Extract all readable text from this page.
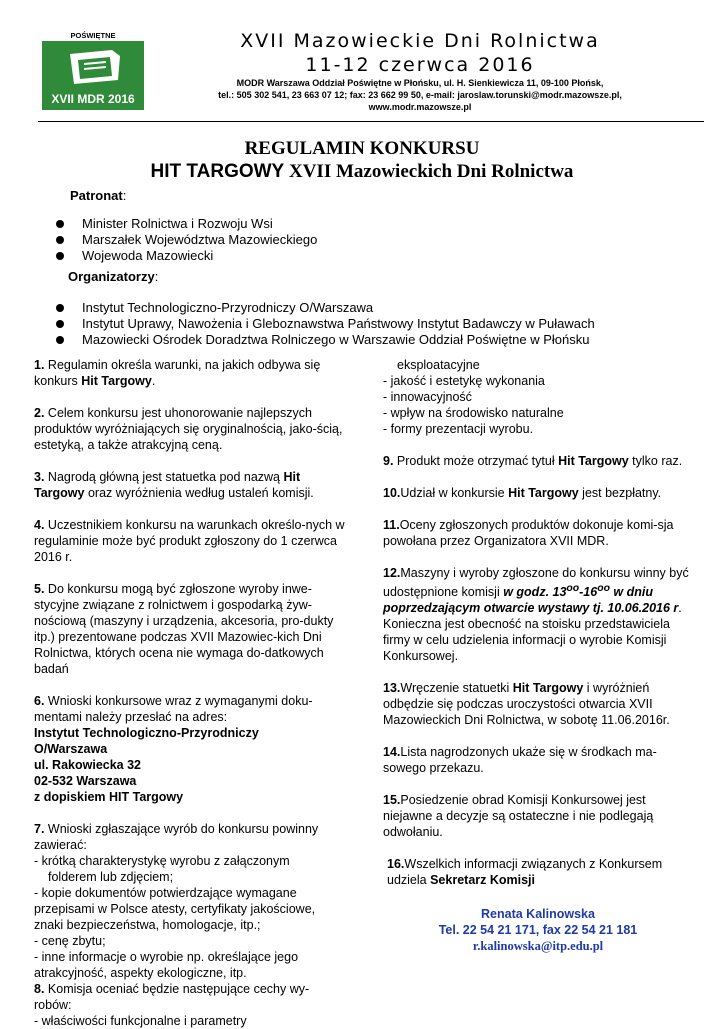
POŚWIĘTNE
XVII MDR 2016
XVII Mazowieckie Dni Rolnictwa
11-12 czerwca 2016
MODR Warszawa Oddział Poświętne w Płońsku, ul. H. Sienkiewicza 11, 09-100 Płońsk,
tel.: 505 302 541, 23 663 07 12; fax: 23 662 99 50, e-mail: jaroslaw.torunski@modr.mazowsze.pl,
www.modr.mazowsze.pl
REGULAMIN KONKURSU
HIT TARGOWY XVII Mazowieckich Dni Rolnictwa
Patronat:
Minister Rolnictwa i Rozwoju Wsi
Marszałek Województwa Mazowieckiego
Wojewoda Mazowiecki
Organizatorzy:
Instytut Technologiczno-Przyrodniczy O/Warszawa
Instytut Uprawy, Nawożenia i Gleboznawstwa Państwowy Instytut Badawczy w Puławach
Mazowiecki Ośrodek Doradztwa Rolniczego w Warszawie Oddział Poświętne w Płońsku

1. Regulamin określa warunki, na jakich odbywa się konkurs Hit Targowy.

2. Celem konkursu jest uhonorowanie najlepszych produktów wyróżniających się oryginalnością, jako-ścią, estetyką, a także atrakcyjną ceną.

3. Nagrodą główną jest statuetka pod nazwą Hit Targowy oraz wyróżnienia według ustaleń komisji.

4. Uczestnikiem konkursu na warunkach określo-nych w regulaminie może być produkt zgłoszony do 1 czerwca 2016 r.

5. Do konkursu mogą być zgłoszone wyroby inwe-stycyjne związane z rolnictwem i gospodarką żyw-nościową (maszyny i urządzenia, akcesoria, pro-dukty itp.) prezentowane podczas XVII Mazowiec-kich Dni Rolnictwa, których ocena nie wymaga do-datkowych badań

6. Wnioski konkursowe wraz z wymaganymi doku-mentami należy przesłać na adres:
Instytut Technologiczno-Przyrodniczy
O/Warszawa
ul. Rakowiecka 32
02-532 Warszawa
z dopiskiem HIT Targowy

7. Wnioski zgłaszające wyrób do konkursu powinny zawierać:
- krótką charakterystykę wyrobu z załączonym
folderem lub zdjęciem;
- kopie dokumentów potwierdzające wymagane przepisami w Polsce atesty, certyfikaty jakościowe, znaki bezpieczeństwa, homologacje, itp.;
- cenę zbytu;
- inne informacje o wyrobie np. określające jego atrakcyjność, aspekty ekologiczne, itp.

8. Komisja oceniać będzie następujące cechy wy-robów:
- właściwości funkcjonalne i parametry

eksploatacyjne
- jakość i estetykę wykonania
- innowacyjność
- wpływ na środowisko naturalne
- formy prezentacji wyrobu.

9. Produkt może otrzymać tytuł Hit Targowy tylko raz.

10.Udział w konkursie Hit Targowy jest bezpłatny.

11.Oceny zgłoszonych produktów dokonuje komi-sja powołana przez Organizatora XVII MDR.

12.Maszyny i wyroby zgłoszone do konkursu winny być udostępnione komisji w godz. $13^{oo}-16^{oo}$ w dniu poprzedzającym otwarcie wystawy tj. 10.06.2016 r. Konieczna jest obecność na stoisku przedstawiciela firmy w celu udzielenia informacji o wyrobie Komisji Konkursowej.

13.Wręczenie statuetki Hit Targowy i wyróżnień odbędzie się podczas uroczystości otwarcia XVII Mazowieckich Dni Rolnictwa, w sobotę 11.06.2016r.

14.Lista nagrodzonych ukaże się w środkach ma-sowego przekazu.

15.Posiedzenie obrad Komisji Konkursowej jest niejawne a decyzje są ostateczne i nie podlegają odwołaniu.

16.Wszelkich informacji związanych z Konkursem udziela Sekretarz Komisji

Renata Kalinowska
Tel. 22 54 21 171, fax 22 54 21 181
r.kalinowska@itp.edu.pl
